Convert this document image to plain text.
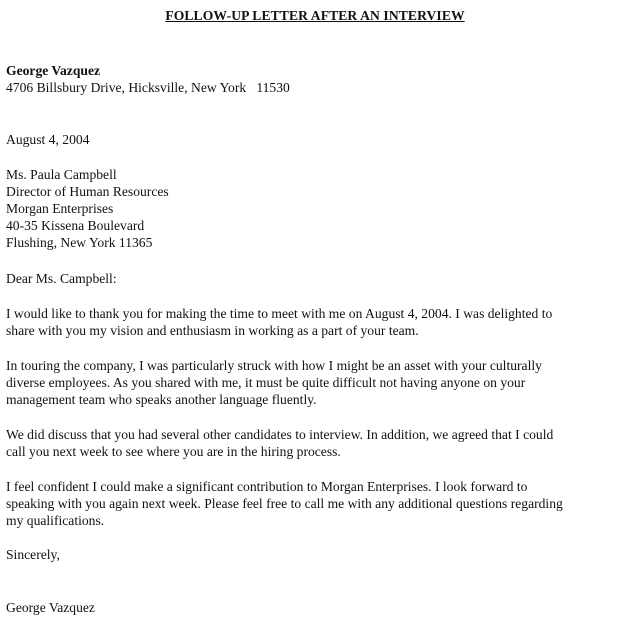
FOLLOW-UP LETTER AFTER AN INTERVIEW
George Vazquez
4706 Billsbury Drive, Hicksville, New York   11530
August 4, 2004
Ms. Paula Campbell
Director of Human Resources
Morgan Enterprises
40-35 Kissena Boulevard
Flushing, New York 11365
Dear Ms. Campbell:
I would like to thank you for making the time to meet with me on August 4, 2004. I was delighted to
share with you my vision and enthusiasm in working as a part of your team.
In touring the company, I was particularly struck with how I might be an asset with your culturally
diverse employees. As you shared with me, it must be quite difficult not having anyone on your
management team who speaks another language fluently.
We did discuss that you had several other candidates to interview. In addition, we agreed that I could
call you next week to see where you are in the hiring process.
I feel confident I could make a significant contribution to Morgan Enterprises. I look forward to
speaking with you again next week. Please feel free to call me with any additional questions regarding
my qualifications.
Sincerely,
George Vazquez
